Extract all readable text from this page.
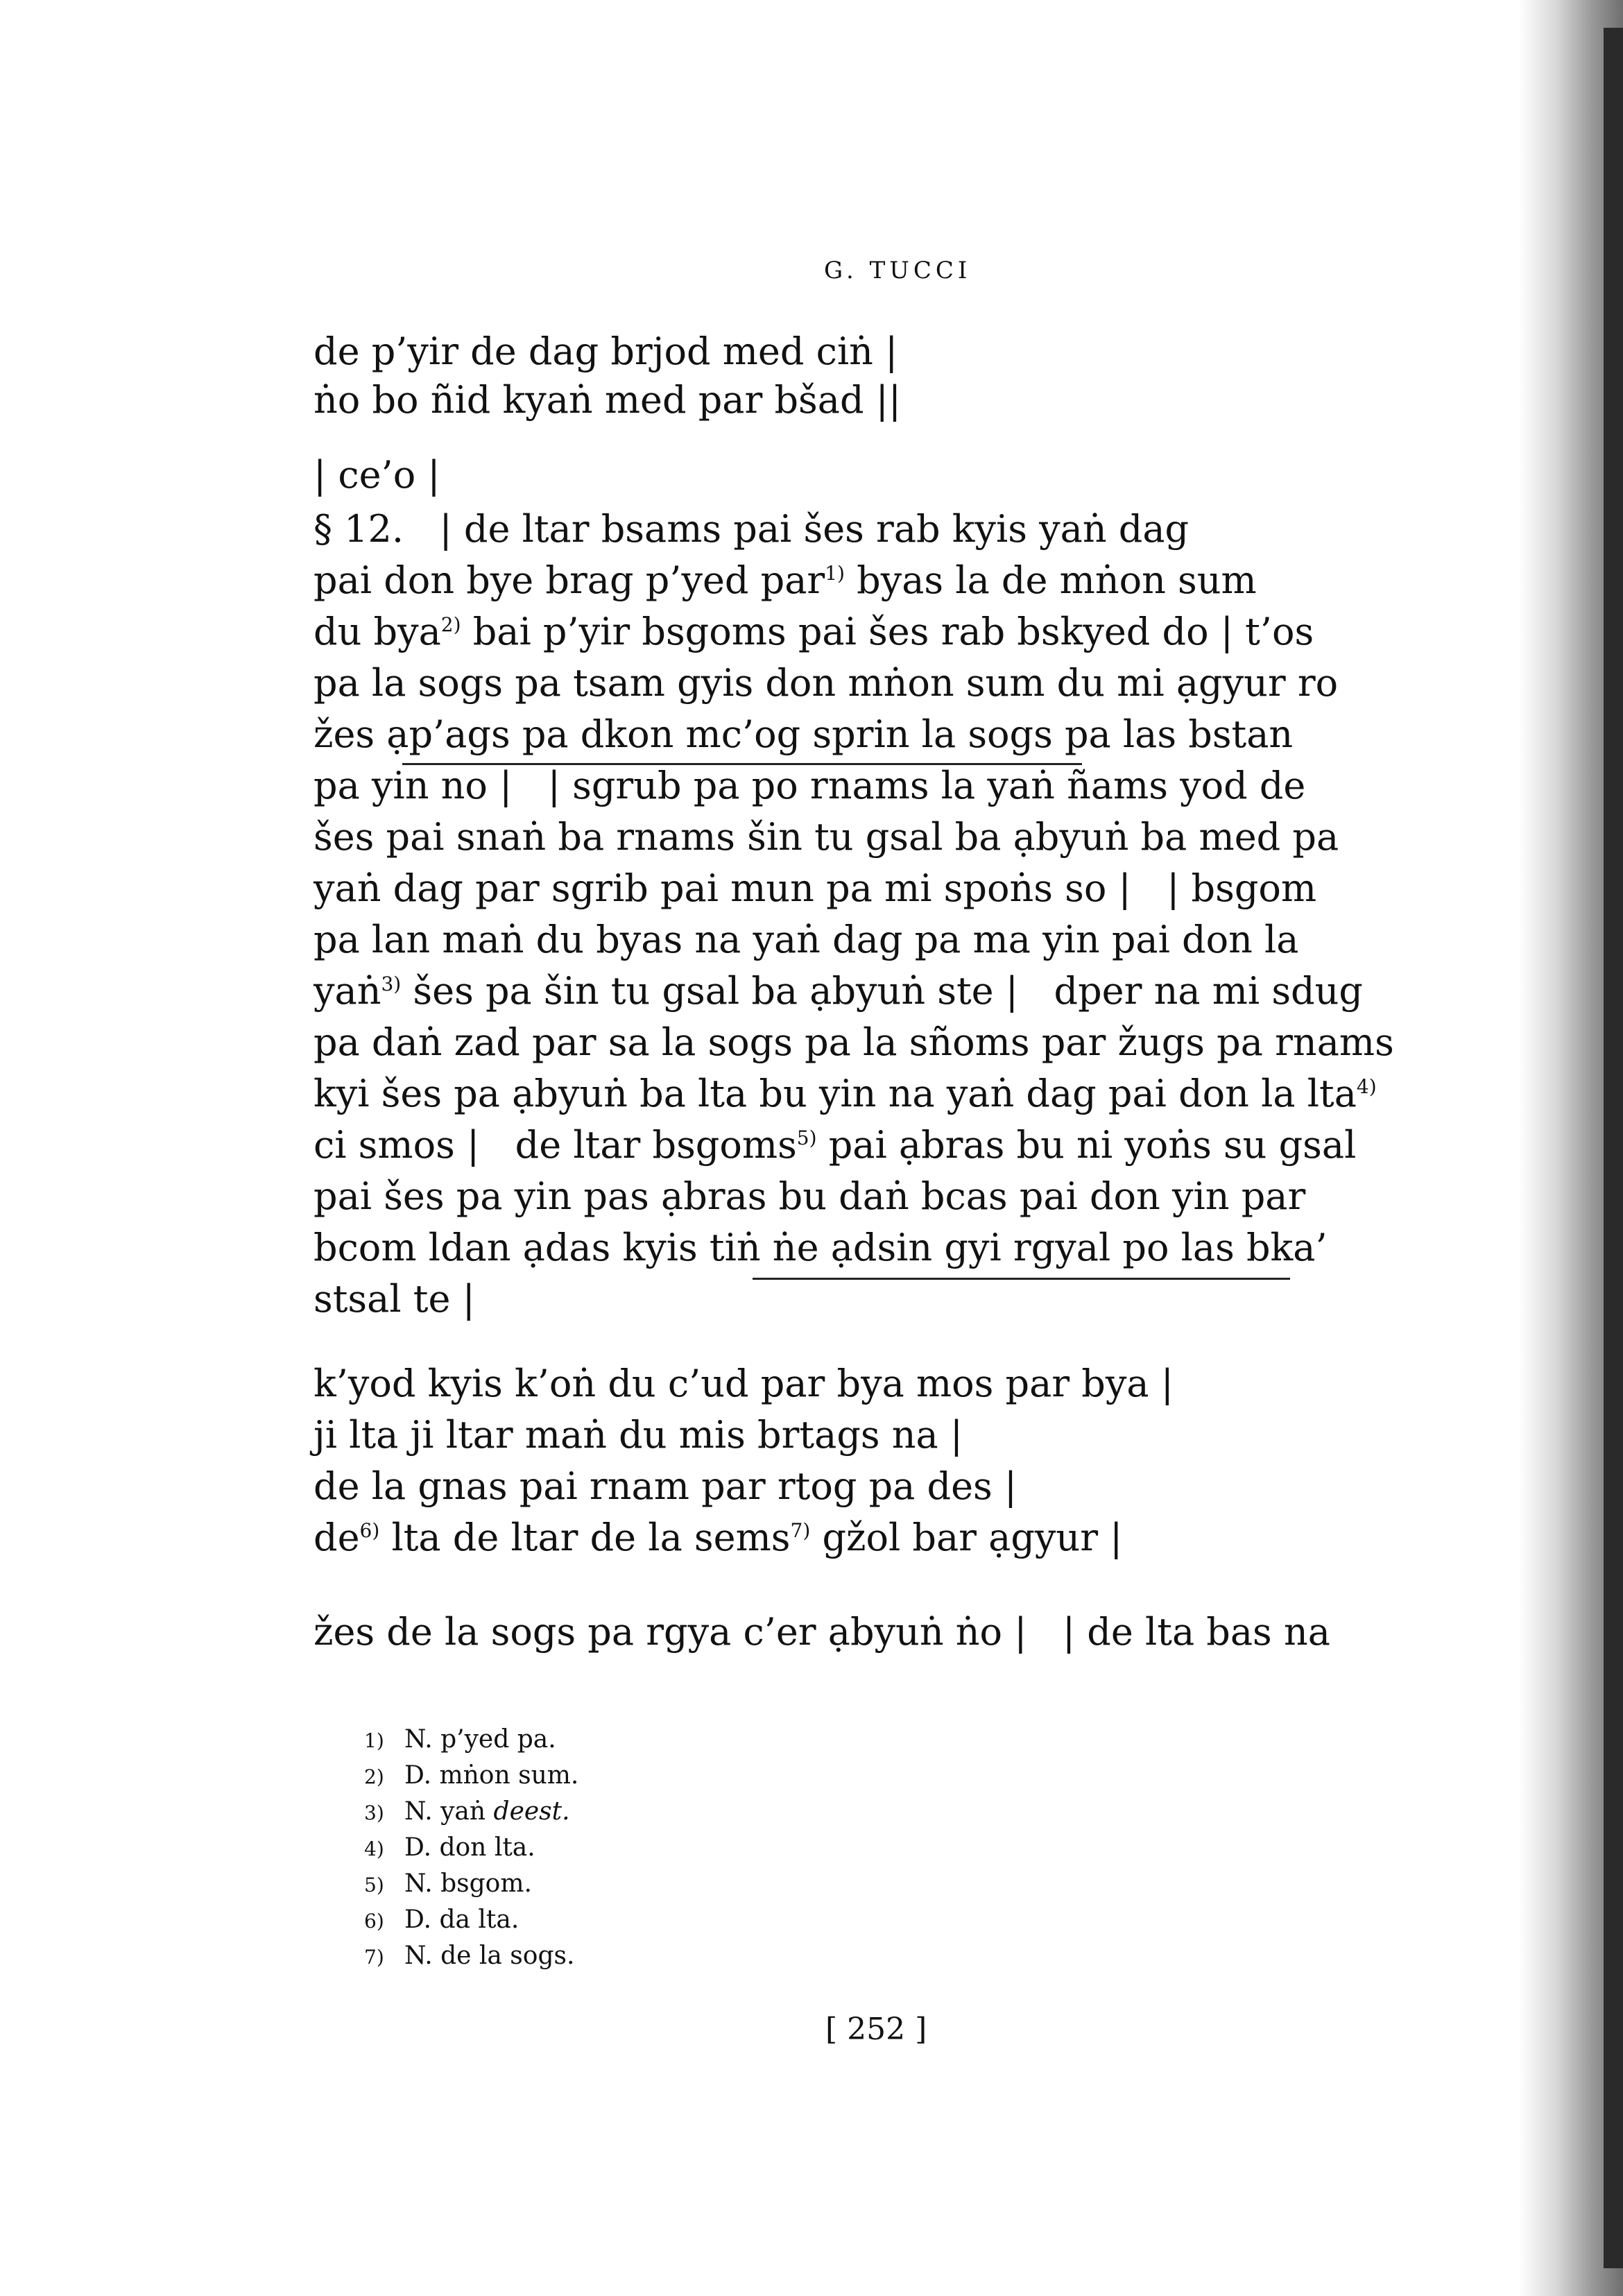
G. TUCCI
de p’yir de dag brjod med ciṅ |
ṅo bo ñid kyaṅ med par bšad ||
| ce’o |
§ 12.   | de ltar bsams pai šes rab kyis yaṅ dag
pai don bye brag p’yed par$^{1)}$ byas la de mṅon sum
du bya$^{2)}$ bai p’yir bsgoms pai šes rab bskyed do | t’os
pa la sogs pa tsam gyis don mṅon sum du mi ạgyur ro
žes ạp’ags pa dkon mc’og sprin la sogs pa las bstan
pa yin no |   | sgrub pa po rnams la yaṅ ñams yod de
šes pai snaṅ ba rnams šin tu gsal ba ạbyuṅ ba med pa
yaṅ dag par sgrib pai mun pa mi spoṅs so |   | bsgom
pa lan maṅ du byas na yaṅ dag pa ma yin pai don la
yaṅ$^{3)}$ šes pa šin tu gsal ba ạbyuṅ ste |   dper na mi sdug
pa daṅ zad par sa la sogs pa la sñoms par žugs pa rnams
kyi šes pa ạbyuṅ ba lta bu yin na yaṅ dag pai don la lta$^{4)}$
ci smos |   de ltar bsgoms$^{5)}$ pai ạbras bu ni yoṅs su gsal
pai šes pa yin pas ạbras bu daṅ bcas pai don yin par
bcom ldan ạdas kyis tiṅ ṅe ạdsin gyi rgyal po las bka’
stsal te |
k’yod kyis k’oṅ du c’ud par bya mos par bya |
ji lta ji ltar maṅ du mis brtags na |
de la gnas pai rnam par rtog pa des |
$de^{6)}$ lta de ltar de la sems$^{7)}$ gžol bar ạgyur |
žes de la sogs pa rgya c’er ạbyuṅ ṅo |   | de lta bas na
1) N. p’yed pa.
2) D. mṅon sum.
3) N. yaṅ deest.
4) D. don lta.
5) N. bsgom.
6) D. da lta.
7) N. de la sogs.
[ 252 ]
